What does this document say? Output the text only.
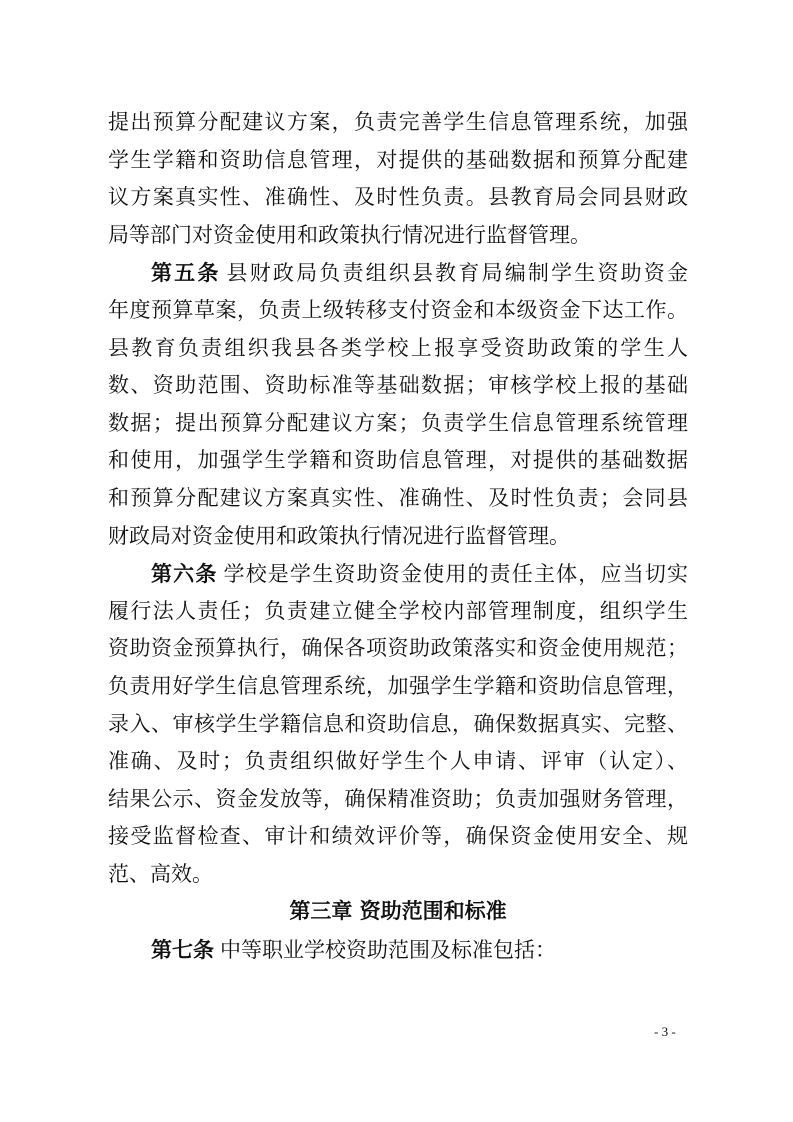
提出预算分配建议方案，负责完善学生信息管理系统，加强
学生学籍和资助信息管理，对提供的基础数据和预算分配建
议方案真实性、准确性、及时性负责。县教育局会同县财政
局等部门对资金使用和政策执行情况进行监督管理。
第五条 县财政局负责组织县教育局编制学生资助资金
年度预算草案，负责上级转移支付资金和本级资金下达工作。
县教育负责组织我县各类学校上报享受资助政策的学生人
数、资助范围、资助标准等基础数据；审核学校上报的基础
数据；提出预算分配建议方案；负责学生信息管理系统管理
和使用，加强学生学籍和资助信息管理，对提供的基础数据
和预算分配建议方案真实性、准确性、及时性负责；会同县
财政局对资金使用和政策执行情况进行监督管理。
第六条 学校是学生资助资金使用的责任主体，应当切实
履行法人责任；负责建立健全学校内部管理制度，组织学生
资助资金预算执行，确保各项资助政策落实和资金使用规范；
负责用好学生信息管理系统，加强学生学籍和资助信息管理，
录入、审核学生学籍信息和资助信息，确保数据真实、完整、
准确、及时；负责组织做好学生个人申请、评审（认定）、
结果公示、资金发放等，确保精准资助；负责加强财务管理，
接受监督检查、审计和绩效评价等，确保资金使用安全、规
范、高效。
第三章 资助范围和标准
第七条 中等职业学校资助范围及标准包括：
- 3 -
